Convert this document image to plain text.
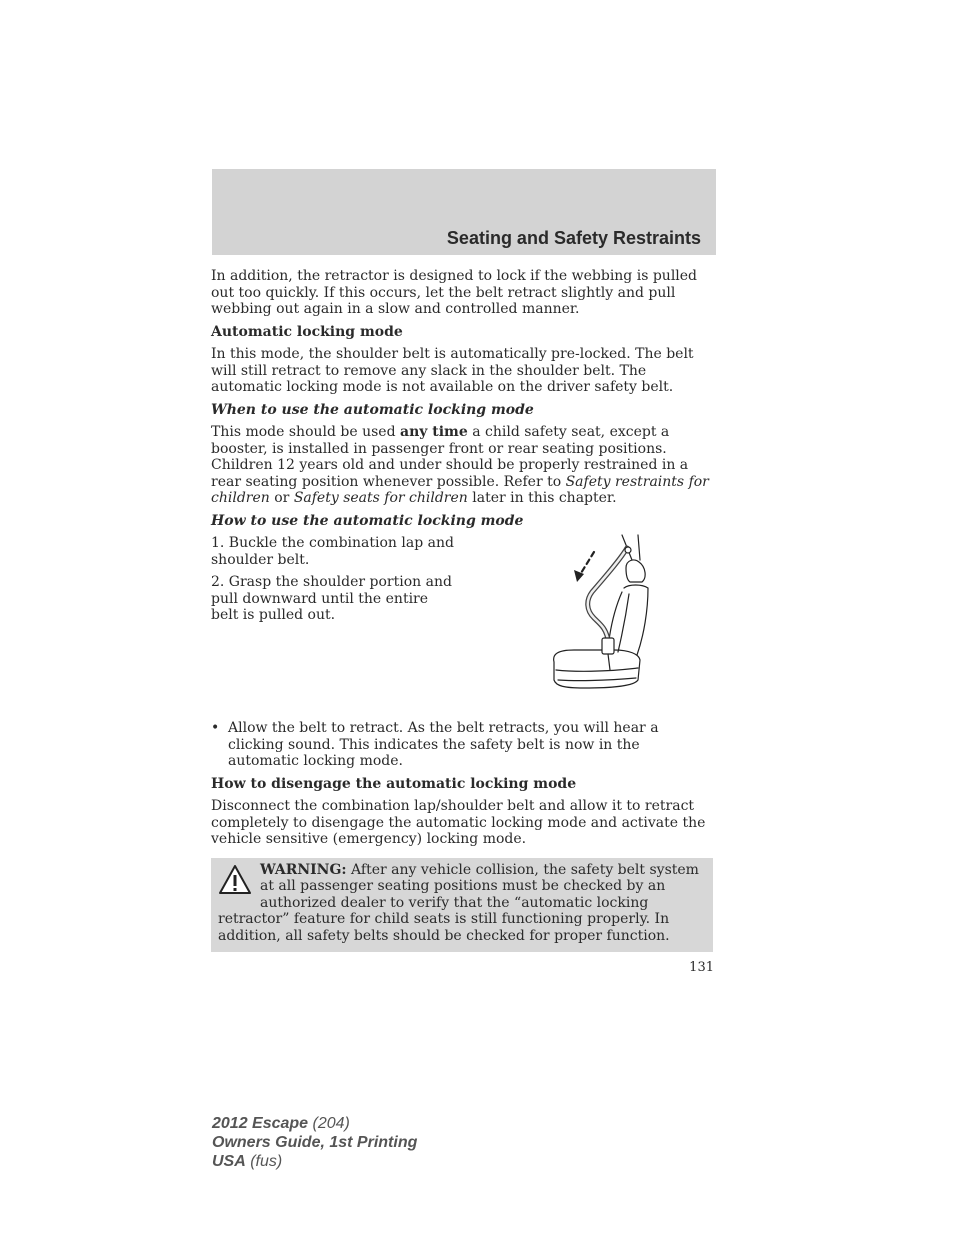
Seating and Safety Restraints

In addition, the retractor is designed to lock if the webbing is pulled out too quickly. If this occurs, let the belt retract slightly and pull webbing out again in a slow and controlled manner.

Automatic locking mode

In this mode, the shoulder belt is automatically pre-locked. The belt will still retract to remove any slack in the shoulder belt. The automatic locking mode is not available on the driver safety belt.

When to use the automatic locking mode

This mode should be used any time a child safety seat, except a booster, is installed in passenger front or rear seating positions. Children 12 years old and under should be properly restrained in a rear seating position whenever possible. Refer to Safety restraints for children or Safety seats for children later in this chapter.

How to use the automatic locking mode

1. Buckle the combination lap and shoulder belt.

2. Grasp the shoulder portion and pull downward until the entire belt is pulled out.

• Allow the belt to retract. As the belt retracts, you will hear a clicking sound. This indicates the safety belt is now in the automatic locking mode.
How to disengage the automatic locking mode

Disconnect the combination lap/shoulder belt and allow it to retract completely to disengage the automatic locking mode and activate the vehicle sensitive (emergency) locking mode.

WARNING: After any vehicle collision, the safety belt system at all passenger seating positions must be checked by an authorized dealer to verify that the “automatic locking retractor” feature for child seats is still functioning properly. In addition, all safety belts should be checked for proper function.
131
2012 Escape (204)
Owners Guide, 1st Printing
USA (fus)
